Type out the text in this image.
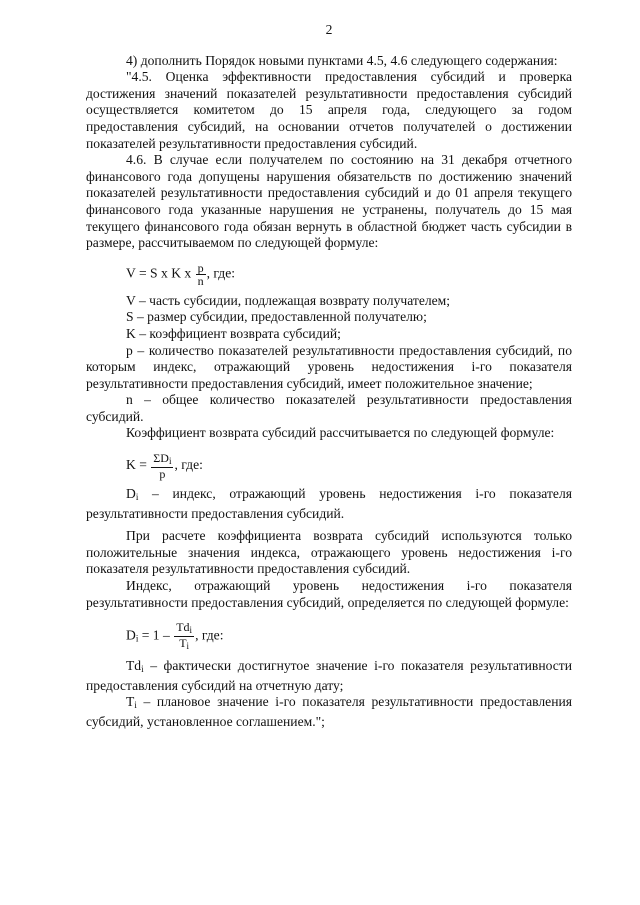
2

4) дополнить Порядок новыми пунктами 4.5, 4.6 следующего содержания:

"4.5. Оценка эффективности предоставления субсидий и проверка достижения значений показателей результативности предоставления субсидий осуществляется комитетом до 15 апреля года, следующего за годом предоставления субсидий, на основании отчетов получателей о достижении показателей результативности предоставления субсидий.

4.6. В случае если получателем по состоянию на 31 декабря отчетного финансового года допущены нарушения обязательств по достижению значений показателей результативности предоставления субсидий и до 01 апреля текущего финансового года указанные нарушения не устранены, получатель до 15 мая текущего финансового года обязан вернуть в областной бюджет часть субсидии в размере, рассчитываемом по следующей формуле:

V = S x K x $\frac{p}{n}$ , где:

V – часть субсидии, подлежащая возврату получателем;

S – размер субсидии, предоставленной получателю;

K – коэффициент возврата субсидий;

p – количество показателей результативности предоставления субсидий, по которым индекс, отражающий уровень недостижения i-го показателя результативности предоставления субсидий, имеет положительное значение;

n – общее количество показателей результативности предоставления субсидий.

Коэффициент возврата субсидий рассчитывается по следующей формуле:

$K = \frac{\Sigma D_i}{p}$ , где:

$D_i$ – индекс, отражающий уровень недостижения i-го показателя результативности предоставления субсидий.

При расчете коэффициента возврата субсидий используются только положительные значения индекса, отражающего уровень недостижения i-го показателя результативности предоставления субсидий.

Индекс, отражающий уровень недостижения i-го показателя результативности предоставления субсидий, определяется по следующей формуле:

$D_i = 1 - \frac{Td_i}{T_i}$ , где:

$Td_i$ – фактически достигнутое значение i-го показателя результативности предоставления субсидий на отчетную дату;

$T_i$ – плановое значение i-го показателя результативности предоставления субсидий, установленное соглашением.";
